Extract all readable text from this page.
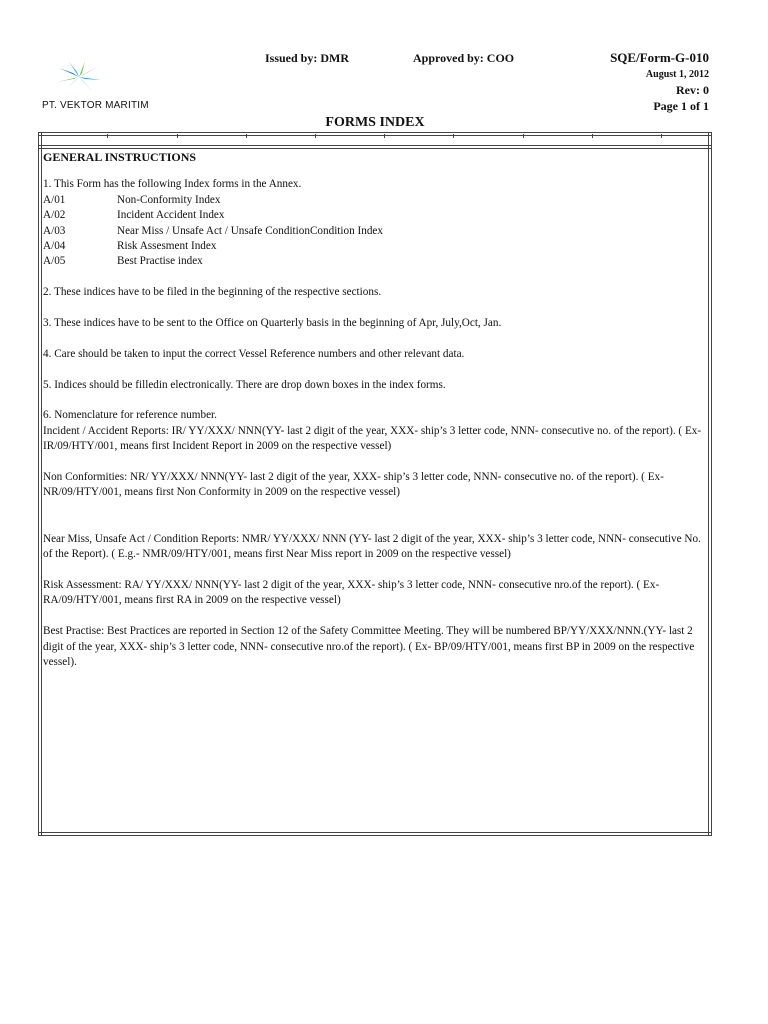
PT. VEKTOR MARITIM
Issued by: DMR	Approved by: COO	SQE/Form-G-010
August 1, 2012
Rev: 0
Page 1 of 1
FORMS INDEX

GENERAL INSTRUCTIONS

1. This Form has the following Index forms in the Annex.

A/01	Non-Conformity Index

A/02	Incident Accident Index

A/03	Near Miss / Unsafe Act / Unsafe ConditionCondition Index

A/04	Risk Assesment Index

A/05	Best Practise index

2. These indices have to be filed in the beginning of the respective sections.

3. These indices have to be sent to the Office on Quarterly basis in the beginning of Apr, July,Oct, Jan.

4. Care should be taken to input the correct Vessel Reference numbers and other relevant data.

5. Indices should be filledin electronically. There are drop down boxes in the index forms.

6. Nomenclature for reference number.

Incident / Accident Reports: IR/ YY/XXX/ NNN(YY- last 2 digit of the year, XXX- ship’s 3 letter code, NNN- consecutive no. of the report). ( Ex- IR/09/HTY/001, means first Incident Report in 2009 on the respective vessel)

Non Conformities: NR/ YY/XXX/ NNN(YY- last 2 digit of the year, XXX- ship’s 3 letter code, NNN- consecutive no. of the report). ( Ex- NR/09/HTY/001, means first Non Conformity in 2009 on the respective vessel)

Near Miss, Unsafe Act / Condition Reports: NMR/ YY/XXX/ NNN (YY- last 2 digit of the year, XXX- ship’s 3 letter code, NNN- consecutive No. of the Report). ( E.g.- NMR/09/HTY/001, means first Near Miss report in 2009 on the respective vessel)

Risk Assessment: RA/ YY/XXX/ NNN(YY- last 2 digit of the year, XXX- ship’s 3 letter code, NNN- consecutive nro.of the report). ( Ex- RA/09/HTY/001, means first RA in 2009 on the respective vessel)

Best Practise: Best Practices are reported in Section 12 of the Safety Committee Meeting. They will be numbered BP/YY/XXX/NNN.(YY- last 2 digit of the year, XXX- ship’s 3 letter code, NNN- consecutive nro.of the report). ( Ex- BP/09/HTY/001, means first BP in 2009 on the respective vessel).
